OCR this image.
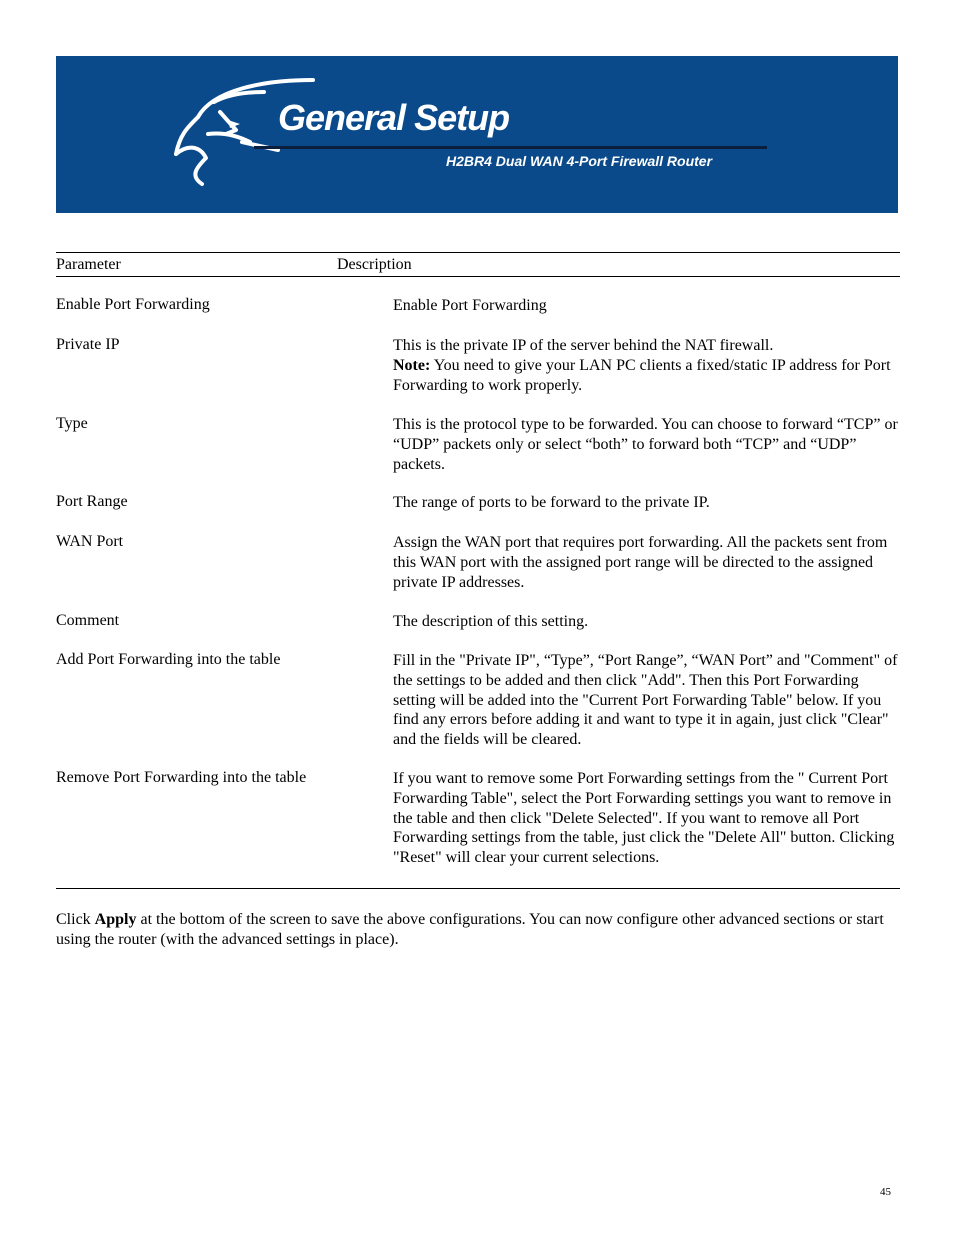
General Setup
H2BR4 Dual WAN 4-Port Firewall Router
Parameter	Description
Enable Port Forwarding	Enable Port Forwarding
Private IP	This is the private IP of the server behind the NAT firewall.
Note: You need to give your LAN PC clients a fixed/static IP address for Port Forwarding to work properly.
Type	This is the protocol type to be forwarded. You can choose to forward “TCP” or “UDP” packets only or select “both” to forward both “TCP” and “UDP” packets.
Port Range	The range of ports to be forward to the private IP.
WAN Port	Assign the WAN port that requires port forwarding. All the packets sent from this WAN port with the assigned port range will be directed to the assigned private IP addresses.
Comment	The description of this setting.
Add Port Forwarding into the table	Fill in the "Private IP", “Type”, “Port Range”, “WAN Port” and "Comment" of the settings to be added and then click "Add". Then this Port Forwarding setting will be added into the "Current Port Forwarding Table" below. If you find any errors before adding it and want to type it in again, just click "Clear" and the fields will be cleared.
Remove Port Forwarding into the table	If you want to remove some Port Forwarding settings from the " Current Port Forwarding Table", select the Port Forwarding settings you want to remove in the table and then click "Delete Selected". If you want to remove all Port Forwarding settings from the table, just click the "Delete All" button. Clicking "Reset" will clear your current selections.
Click Apply at the bottom of the screen to save the above configurations. You can now configure other advanced sections or start using the router (with the advanced settings in place).
45
